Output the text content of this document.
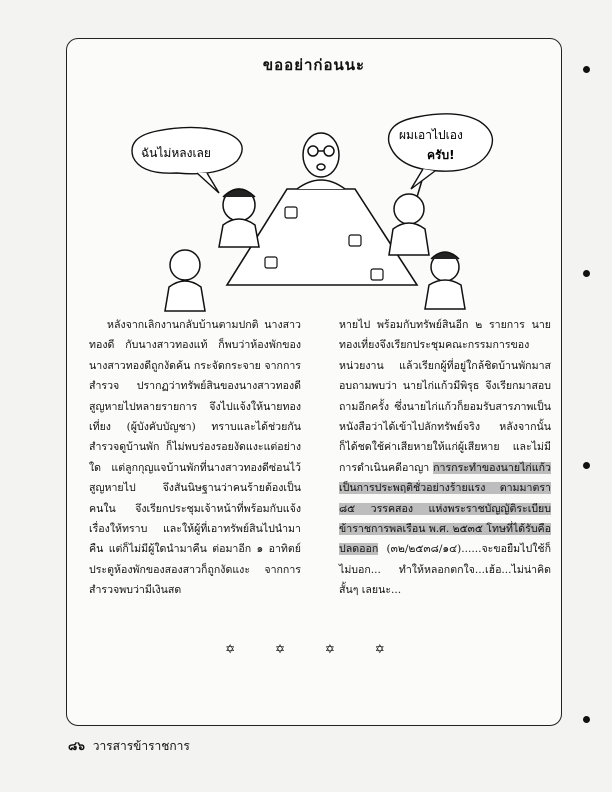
ขออย่าก่อนนะ
ฉันไม่หลงเลย
ผมเอาไปเอง
ครับ!

หลังจากเลิกงานกลับบ้านตามปกติ นางสาวทองดี กับนางสาวทองแท้ ก็พบว่าห้องพักของนางสาวทองดีถูกงัดค้น กระจัดกระจาย จากการสำรวจ ปรากฏว่าทรัพย์สินของนางสาวทองดีสูญหายไปหลายรายการ จึงไปแจ้งให้นายทองเที่ยง (ผู้บังคับบัญชา) ทราบและได้ช่วยกันสำรวจดูบ้านพัก ก็ไม่พบร่องรอยงัดแงะแต่อย่างใด แต่ลูกกุญแจบ้านพักที่นางสาวทองดีซ่อนไว้สูญหายไป จึงสันนิษฐานว่าคนร้ายต้องเป็นคนใน จึงเรียกประชุมเจ้าหน้าที่พร้อมกับแจ้งเรื่องให้ทราบ และให้ผู้ที่เอาทรัพย์สินไปนำมาคืน แต่ก็ไม่มีผู้ใดนำมาคืน ต่อมาอีก ๑ อาทิตย์ ประตูห้องพักของสองสาวก็ถูกงัดแงะ จากการสำรวจพบว่ามีเงินสด

หายไป พร้อมกับทรัพย์สินอีก ๒ รายการ นายทองเที่ยงจึงเรียกประชุมคณะกรรมการของหน่วยงาน แล้วเรียกผู้ที่อยู่ใกล้ชิดบ้านพักมาสอบถามพบว่า นายไก่แก้วมีพิรุธ จึงเรียกมาสอบถามอีกครั้ง ซึ่งนายไก่แก้วก็ยอมรับสารภาพเป็นหนังสือว่าได้เข้าไปลักทรัพย์จริง หลังจากนั้นก็ได้ชดใช้ค่าเสียหายให้แก่ผู้เสียหาย และไม่มีการดำเนินคดีอาญา การกระทำของนายไก่แก้วเป็นการประพฤติชั่วอย่างร้ายแรง ตามมาตรา ๘๕ วรรคสอง แห่งพระราชบัญญัติระเบียบข้าราชการพลเรือน พ.ศ. ๒๕๓๕ โทษที่ได้รับคือ ปลดออก (๓๒/๒๕๓๘/๑๔)......จะขอยืมไปใช้ก็ไม่บอก... ทำให้หลอกตกใจ...เฮ้อ...ไม่น่าคิดสั้นๆ เลยนะ...

✡ ✡ ✡ ✡
๘๖ วารสารข้าราชการ
